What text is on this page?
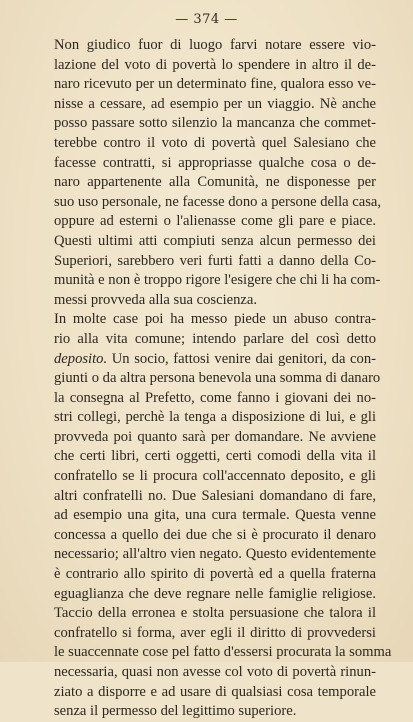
— 374 —

Non giudico fuor di luogo farvi notare essere vio-
lazione del voto di povertà lo spendere in altro il de-
naro ricevuto per un determinato fine, qualora esso ve-
nisse a cessare, ad esempio per un viaggio. Nè anche
posso passare sotto silenzio la mancanza che commet-
terebbe contro il voto di povertà quel Salesiano che
facesse contratti, si appropriasse qualche cosa o de-
naro appartenente alla Comunità, ne disponesse per
suo uso personale, ne facesse dono a persone della casa,
oppure ad esterni o l'alienasse come gli pare e piace.
Questi ultimi atti compiuti senza alcun permesso dei
Superiori, sarebbero veri furti fatti a danno della Co-
munità e non è troppo rigore l'esigere che chi li ha com-
messi provveda alla sua coscienza.

In molte case poi ha messo piede un abuso contra-
rio alla vita comune; intendo parlare del così detto
deposito. Un socio, fattosi venire dai genitori, da con-
giunti o da altra persona benevola una somma di danaro
la consegna al Prefetto, come fanno i giovani dei no-
stri collegi, perchè la tenga a disposizione di lui, e gli
provveda poi quanto sarà per domandare. Ne avviene
che certi libri, certi oggetti, certi comodi della vita il
confratello se li procura coll'accennato deposito, e gli
altri confratelli no. Due Salesiani domandano di fare,
ad esempio una gita, una cura termale. Questa venne
concessa a quello dei due che si è procurato il denaro
necessario; all'altro vien negato. Questo evidentemente
è contrario allo spirito di povertà ed a quella fraterna
eguaglianza che deve regnare nelle famiglie religiose.
Taccio della erronea e stolta persuasione che talora il
confratello si forma, aver egli il diritto di provvedersi
le suaccennate cose pel fatto d'essersi procurata la somma
necessaria, quasi non avesse col voto di povertà rinun-
ziato a disporre e ad usare di qualsiasi cosa temporale
senza il permesso del legittimo superiore.
